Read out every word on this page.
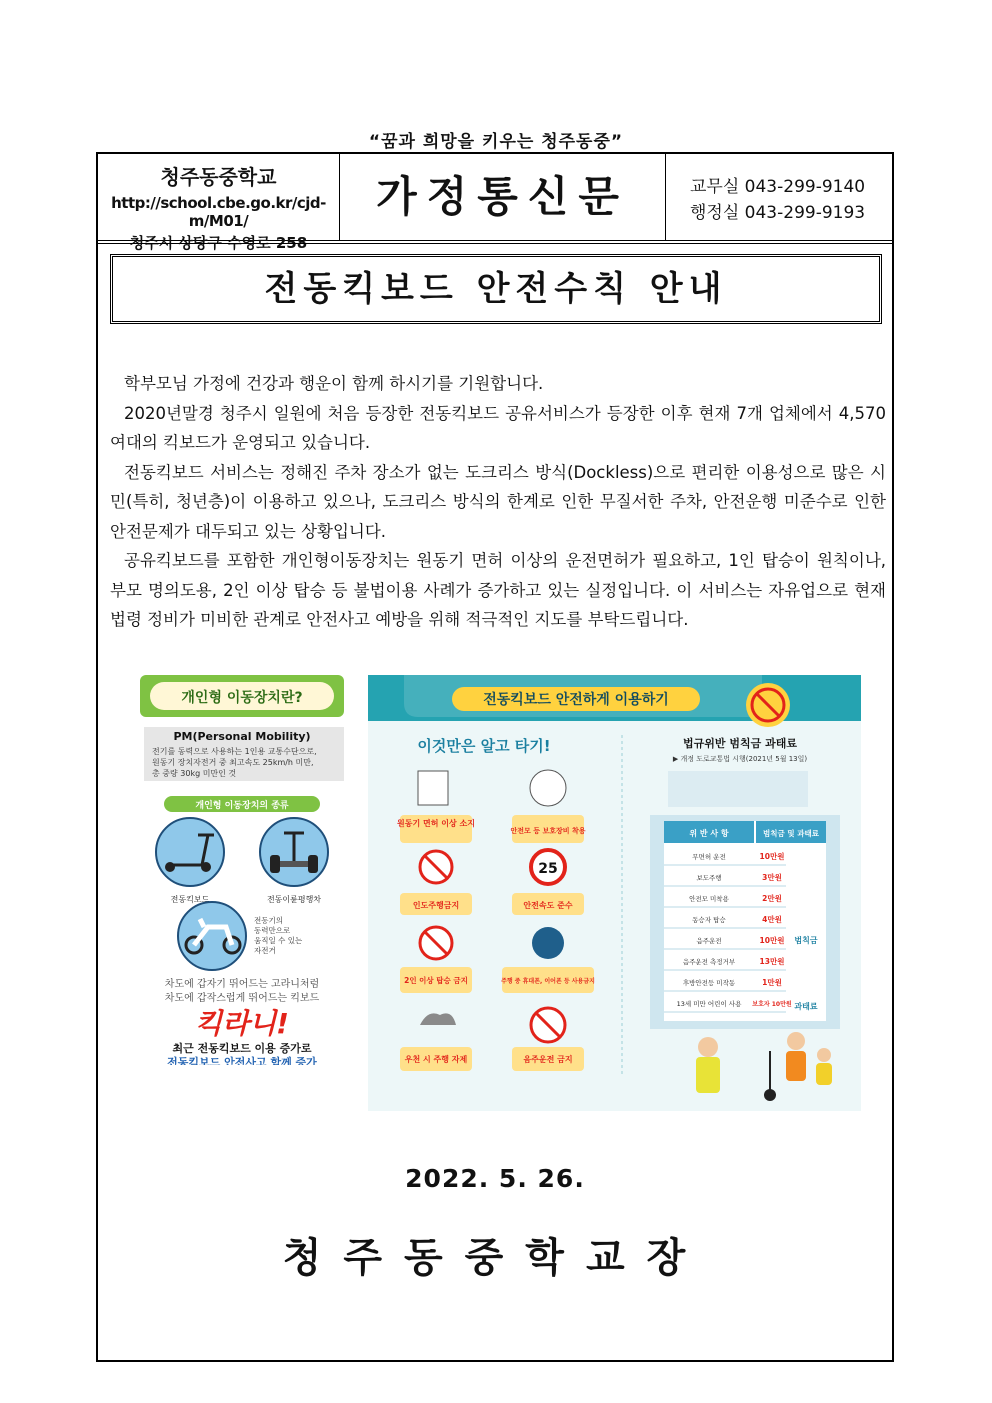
“꿈과 희망을 키우는 청주동중”
청주동중학교
http://school.cbe.go.kr/cjd-m/M01/
청주시 상당구 수영로 258
가정통신문	교무실 043-299-9140
행정실 043-299-9193
전동킥보드 안전수칙 안내

학부모님 가정에 건강과 행운이 함께 하시기를 기원합니다.

2020년말경 청주시 일원에 처음 등장한 전동킥보드 공유서비스가 등장한 이후 현재 7개 업체에서 4,570여대의 킥보드가 운영되고 있습니다.

전동킥보드 서비스는 정해진 주차 장소가 없는 도크리스 방식(Dockless)으로 편리한 이용성으로 많은 시민(특히, 청년층)이 이용하고 있으나, 도크리스 방식의 한계로 인한 무질서한 주차, 안전운행 미준수로 인한 안전문제가 대두되고 있는 상황입니다.

공유킥보드를 포함한 개인형이동장치는 원동기 면허 이상의 운전면허가 필요하고, 1인 탑승이 원칙이나, 부모 명의도용, 2인 이상 탑승 등 불법이용 사례가 증가하고 있는 실정입니다. 이 서비스는 자유업으로 현재 법령 정비가 미비한 관계로 안전사고 예방을 위해 적극적인 지도를 부탁드립니다.

개인형 이동장치란?
PM(Personal Mobility)
전기를 동력으로 사용하는 1인용 교통수단으로,
원동기 장치자전거 중 최고속도 25km/h 미만,
총 중량 30kg 미만인 것
개인형 이동장치의 종류
전동킥보드	전동이륜평행차
전동기의
동력만으로
움직일 수 있는
자전거
차도에 갑자기 뛰어드는 고라니처럼
차도에 갑작스럽게 뛰어드는 킥보드
킥라니!
최근 전동킥보드 이용 증가로
전동킥보드 안전사고 함께 증가
전동킥보드 안전하게 이용하기
이것만은 알고 타기!
원동기 면허 이상 소지
안전모 등 보호장비 착용
인도주행금지
25
안전속도 준수
2인 이상 탑승 금지	주행 중 휴대폰, 이어폰 등 사용금지
우천 시 주행 자제	음주운전 금지
법규위반 범칙금 과태료
▶ 개정 도로교통법 시행(2021년 5월 13일)
위 반 사 항	범칙금 및 과태료
무면허 운전	10만원
보도주행	3만원
안전모 미착용	2만원
동승자 탑승	4만원
음주운전	10만원
음주운전 측정거부	13만원
후방안전등 미작동	1만원
13세 미만 어린이 사용 보호자 10만원
범칙금
과태료
2022. 5. 26.
청주동중학교장
